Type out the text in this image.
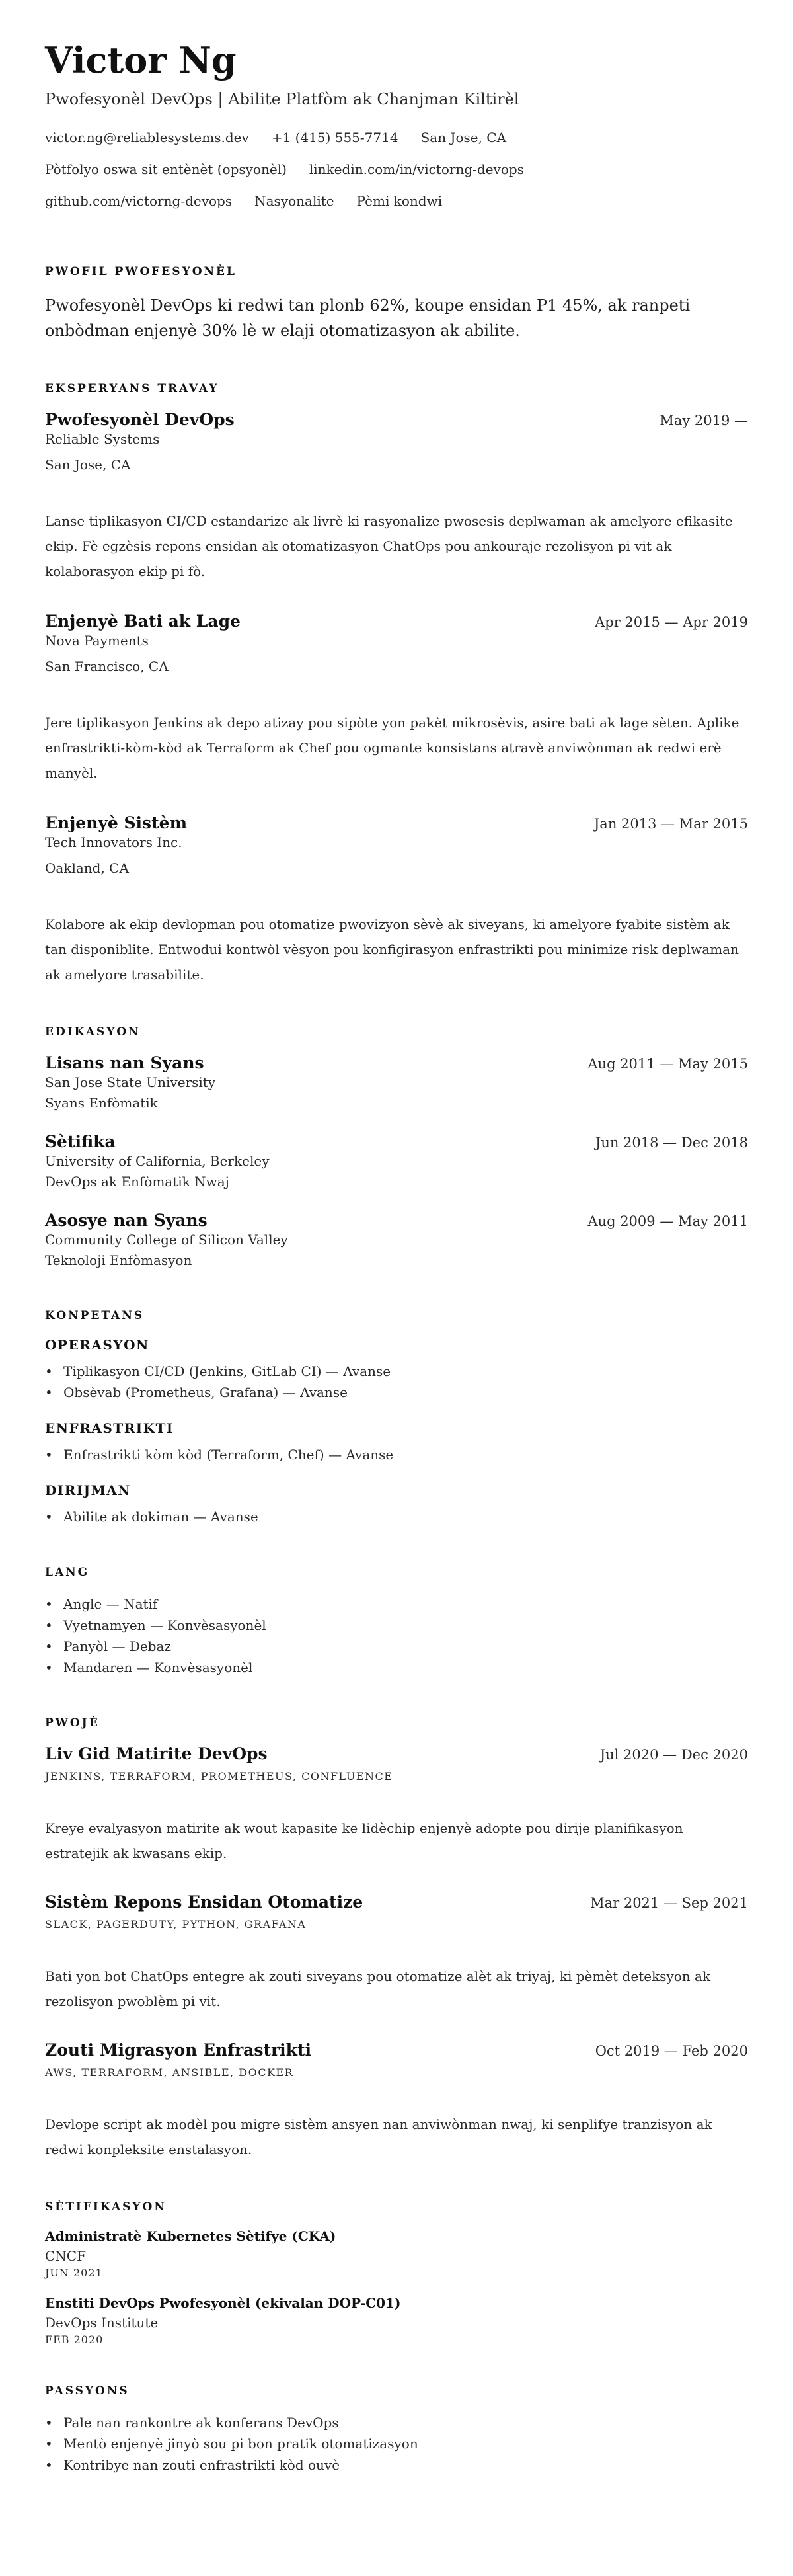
Victor Ng
Pwofesyonèl DevOps | Abilite Platfòm ak Chanjman Kiltirèl
victor.ng@reliablesystems.dev +1 (415) 555-7714 San Jose, CA
Pòtfolyo oswa sit entènèt (opsyonèl) linkedin.com/in/victorng-devops
github.com/victorng-devops Nasyonalite Pèmi kondwi
PWOFIL PWOFESYONÈL

Pwofesyonèl DevOps ki redwi tan plonb 62%, koupe ensidan P1 45%, ak ranpeti onbòdman enjenyè 30% lè w elaji otomatizasyon ak abilite.

EKSPERYANS TRAVAY
Pwofesyonèl DevOps	May 2019 —
Reliable Systems
San Jose, CA

Lanse tiplikasyon CI/CD estandarize ak livrè ki rasyonalize pwosesis deplwaman ak amelyore efikasite ekip. Fè egzèsis repons ensidan ak otomatizasyon ChatOps pou ankouraje rezolisyon pi vit ak kolaborasyon ekip pi fò.

Enjenyè Bati ak Lage	Apr 2015 — Apr 2019
Nova Payments
San Francisco, CA

Jere tiplikasyon Jenkins ak depo atizay pou sipòte yon pakèt mikrosèvis, asire bati ak lage sèten. Aplike enfrastrikti-kòm-kòd ak Terraform ak Chef pou ogmante konsistans atravè anviwònman ak redwi erè manyèl.

Enjenyè Sistèm	Jan 2013 — Mar 2015
Tech Innovators Inc.
Oakland, CA

Kolabore ak ekip devlopman pou otomatize pwovizyon sèvè ak siveyans, ki amelyore fyabite sistèm ak tan disponiblite. Entwodui kontwòl vèsyon pou konfigirasyon enfrastrikti pou minimize risk deplwaman ak amelyore trasabilite.

EDIKASYON
Lisans nan Syans	Aug 2011 — May 2015
San Jose State University
Syans Enfòmatik
Sètifika	Jun 2018 — Dec 2018
University of California, Berkeley
DevOps ak Enfòmatik Nwaj
Asosye nan Syans	Aug 2009 — May 2011
Community College of Silicon Valley
Teknoloji Enfòmasyon
KONPETANS
OPERASYON
• Tiplikasyon CI/CD (Jenkins, GitLab CI) — Avanse
• Obsèvab (Prometheus, Grafana) — Avanse
ENFRASTRIKTI
• Enfrastrikti kòm kòd (Terraform, Chef) — Avanse
DIRIJMAN
• Abilite ak dokiman — Avanse
LANG
• Angle — Natif
• Vyetnamyen — Konvèsasyonèl
• Panyòl — Debaz
• Mandaren — Konvèsasyonèl
PWOJÈ
Liv Gid Matirite DevOps	Jul 2020 — Dec 2020
JENKINS, TERRAFORM, PROMETHEUS, CONFLUENCE

Kreye evalyasyon matirite ak wout kapasite ke lidèchip enjenyè adopte pou dirije planifikasyon estratejik ak kwasans ekip.

Sistèm Repons Ensidan Otomatize	Mar 2021 — Sep 2021
SLACK, PAGERDUTY, PYTHON, GRAFANA

Bati yon bot ChatOps entegre ak zouti siveyans pou otomatize alèt ak triyaj, ki pèmèt deteksyon ak rezolisyon pwoblèm pi vit.

Zouti Migrasyon Enfrastrikti	Oct 2019 — Feb 2020
AWS, TERRAFORM, ANSIBLE, DOCKER

Devlope script ak modèl pou migre sistèm ansyen nan anviwònman nwaj, ki senplifye tranzisyon ak redwi konpleksite enstalasyon.

SÈTIFIKASYON
Administratè Kubernetes Sètifye (CKA)
CNCF
JUN 2021
Enstiti DevOps Pwofesyonèl (ekivalan DOP-C01)
DevOps Institute
FEB 2020
PASSYONS
• Pale nan rankontre ak konferans DevOps
• Mentò enjenyè jinyò sou pi bon pratik otomatizasyon
• Kontribye nan zouti enfrastrikti kòd ouvè
